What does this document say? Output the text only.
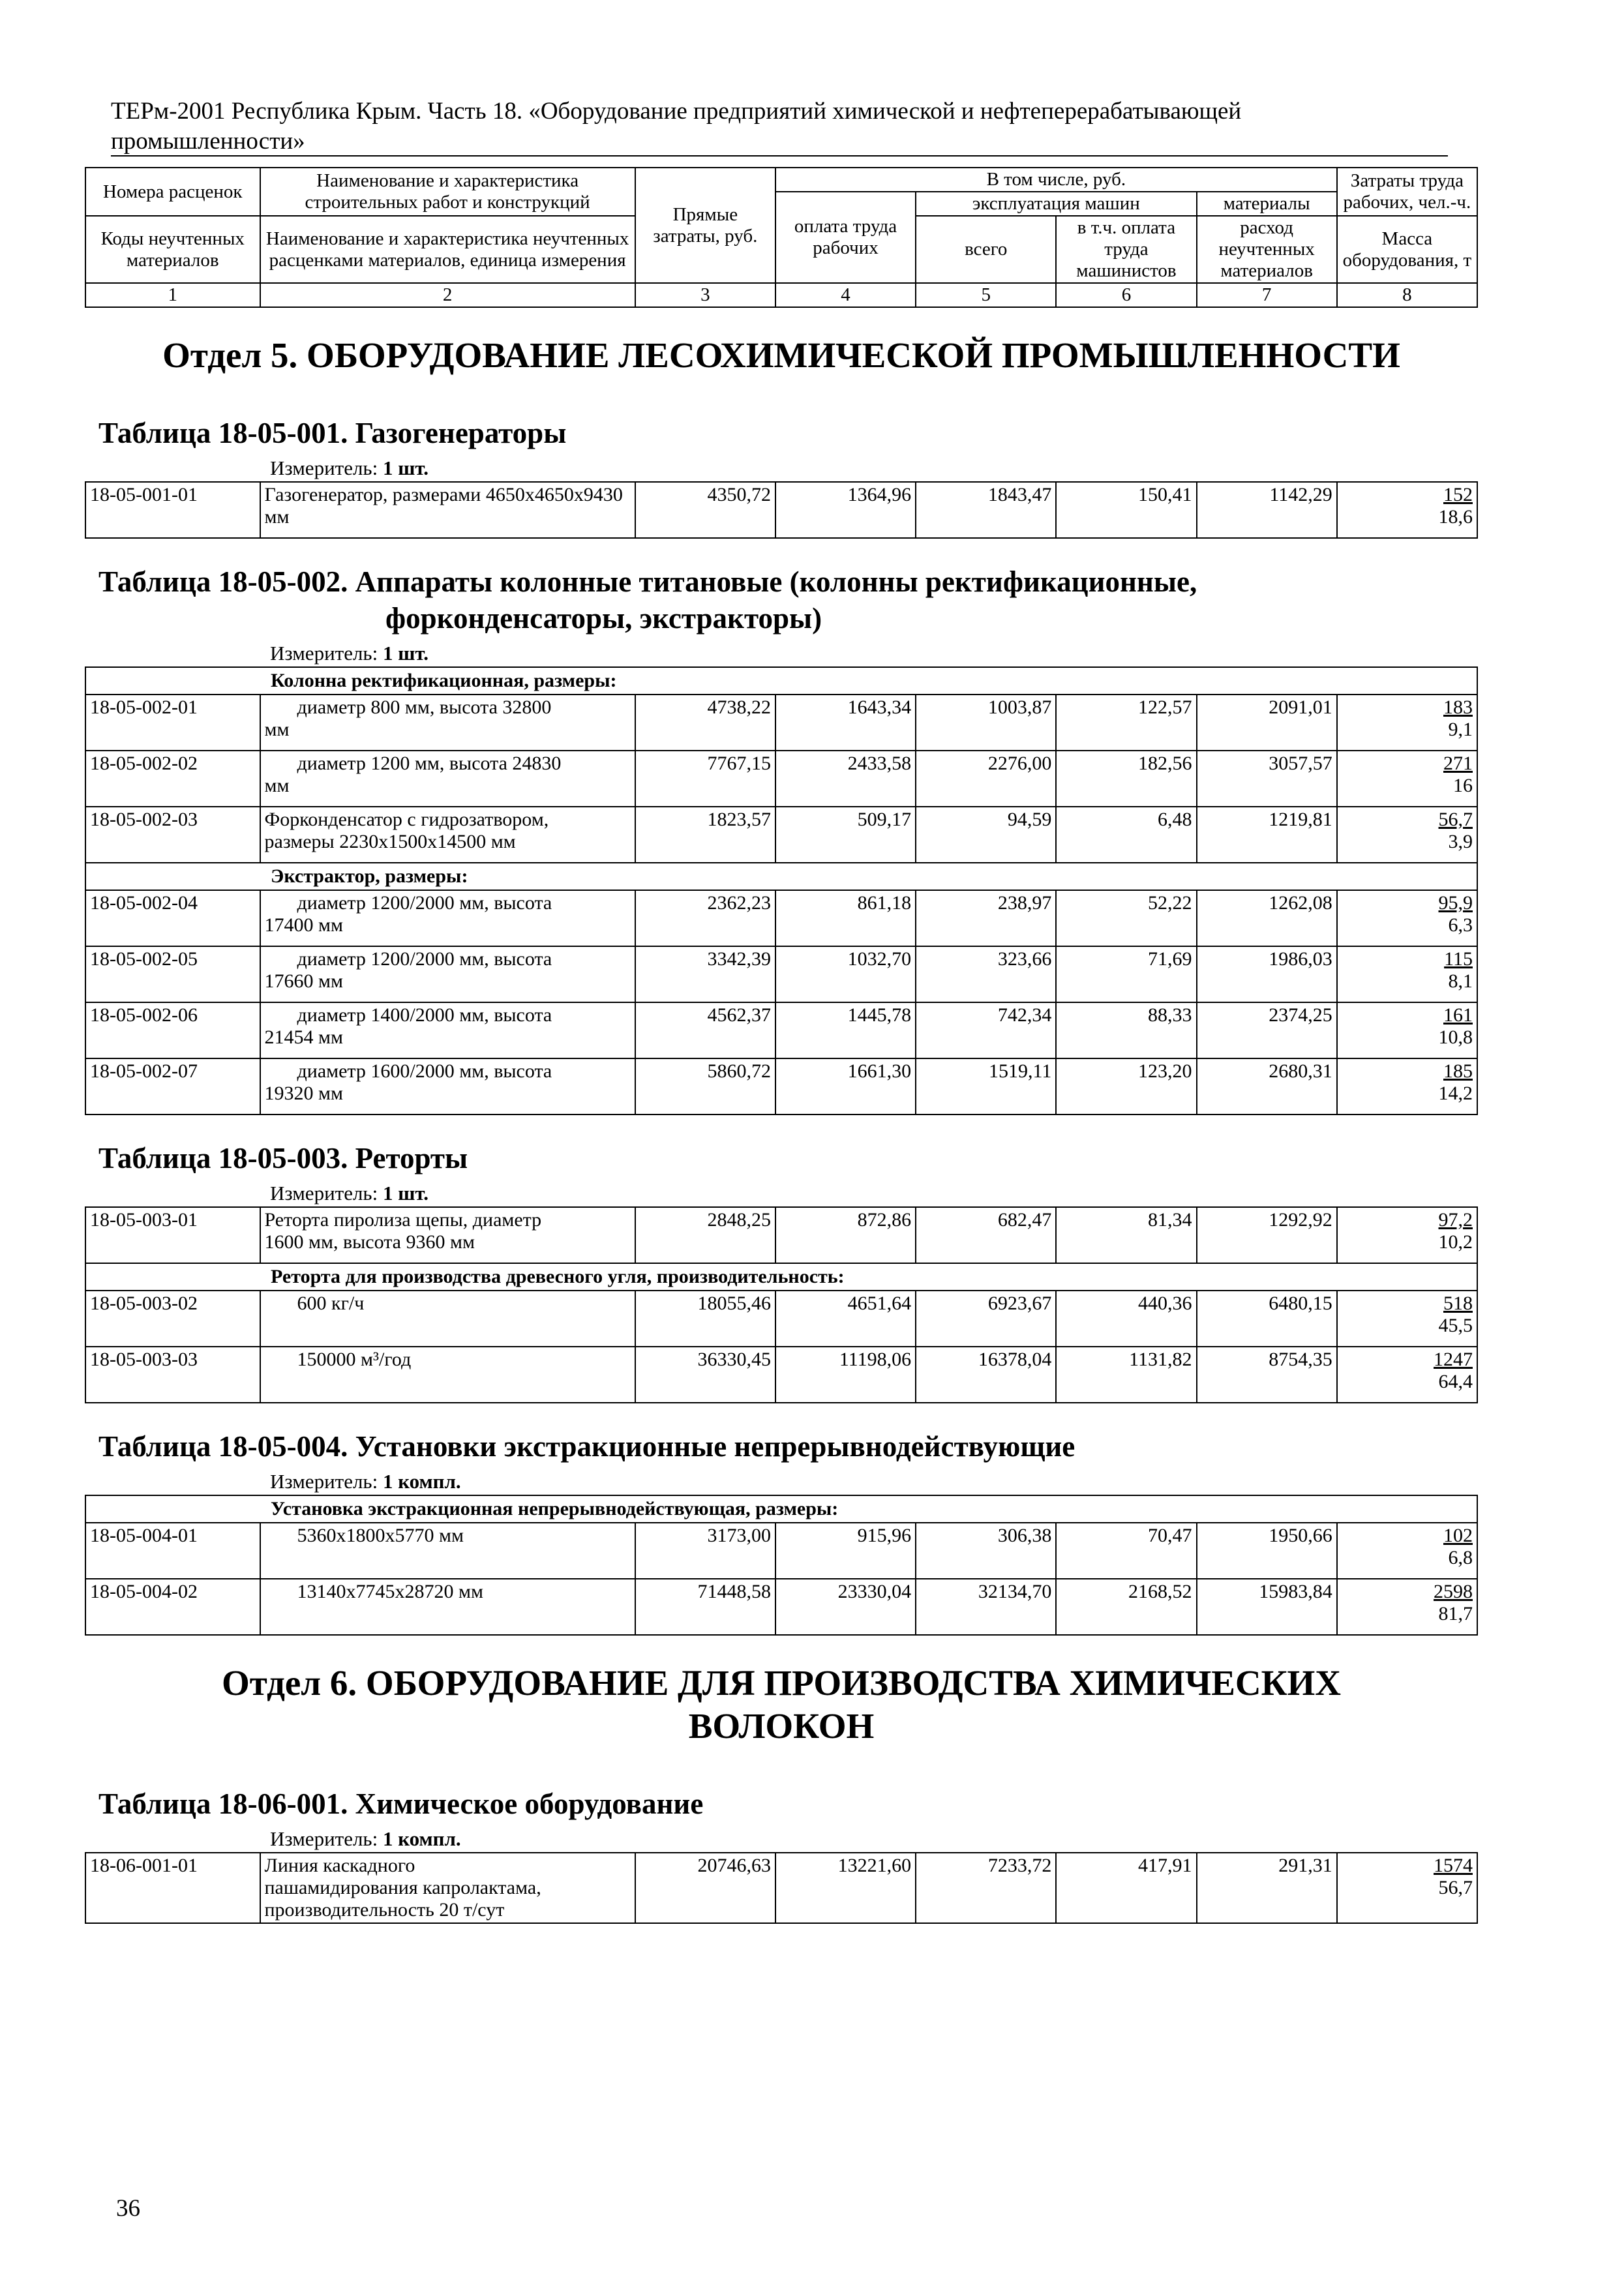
ТЕРм-2001 Республика Крым. Часть 18. «Оборудование предприятий химической и нефтеперерабатывающей
промышленности»
Номера расценок	Наименование и характеристика строительных работ и конструкций	Прямые затраты, руб.	В том числе, руб.				Затраты труда рабочих, чел.-ч.
			оплата труда рабочих	эксплуатация машин		материалы	
Коды неучтенных материалов	Наименование и характеристика неучтенных расценками материалов, единица измерения			всего	в т.ч. оплата труда машинистов	расход неучтенных материалов	

							Масса оборудования, т
1	2	3	4	5	6	7	8
Отдел 5. ОБОРУДОВАНИЕ ЛЕСОХИМИЧЕСКОЙ ПРОМЫШЛЕННОСТИ							
Таблица 18-05-001. Газогенераторы							
Измеритель: 1 шт.							
18-05-001-01	Газогенератор, размерами 4650x4650x9430 мм	4350,72	1364,96	1843,47	150,41	1142,29	152
18,6

Таблица 18-05-002. Аппараты колонные титановые (колонны ректификационные,
форконденсаторы, экстракторы)							

Измеритель: 1 шт.							
Колонна ректификационная, размеры:							
18-05-002-01	диаметр 800 мм, высота 32800
мм	4738,22	1643,34	1003,87	122,57	2091,01	183
9,1

18-05-002-02	диаметр 1200 мм, высота 24830
мм	7767,15	2433,58	2276,00	182,56	3057,57	271
16

18-05-002-03	Форконденсатор с гидрозатвором,
размеры 2230x1500x14500 мм	1823,57	509,17	94,59	6,48	1219,81	56,7
3,9

Экстрактор, размеры:							
18-05-002-04	диаметр 1200/2000 мм, высота
17400 мм	2362,23	861,18	238,97	52,22	1262,08	95,9
6,3

18-05-002-05	диаметр 1200/2000 мм, высота
17660 мм	3342,39	1032,70	323,66	71,69	1986,03	115
8,1

18-05-002-06	диаметр 1400/2000 мм, высота
21454 мм	4562,37	1445,78	742,34	88,33	2374,25	161
10,8

18-05-002-07	диаметр 1600/2000 мм, высота
19320 мм	5860,72	1661,30	1519,11	123,20	2680,31	185
14,2

Таблица 18-05-003. Реторты							
Измеритель: 1 шт.							
18-05-003-01	Реторта пиролиза щепы, диаметр
1600 мм, высота 9360 мм	2848,25	872,86	682,47	81,34	1292,92	97,2
10,2

Реторта для производства древесного угля, производительность:							
18-05-003-02	600 кг/ч	18055,46	4651,64	6923,67	440,36	6480,15	518
45,5

18-05-003-03	150000 м³/год	36330,45	11198,06	16378,04	1131,82	8754,35	1247
64,4

Таблица 18-05-004. Установки экстракционные непрерывнодействующие							
Измеритель: 1 компл.							
Установка экстракционная непрерывнодействующая, размеры:							
18-05-004-01	5360x1800x5770 мм	3173,00	915,96	306,38	70,47	1950,66	102
6,8

18-05-004-02	13140x7745x28720 мм	71448,58	23330,04	32134,70	2168,52	15983,84	2598
81,7

Отдел 6. ОБОРУДОВАНИЕ ДЛЯ ПРОИЗВОДСТВА ХИМИЧЕСКИХ
ВОЛОКОН							
Таблица 18-06-001. Химическое оборудование							
Измеритель: 1 компл.							
18-06-001-01	Линия каскадного
пашамидирования капролактама,
производительность 20 т/сут	20746,63	13221,60	7233,72	417,91	291,31	1574
56,7
36
